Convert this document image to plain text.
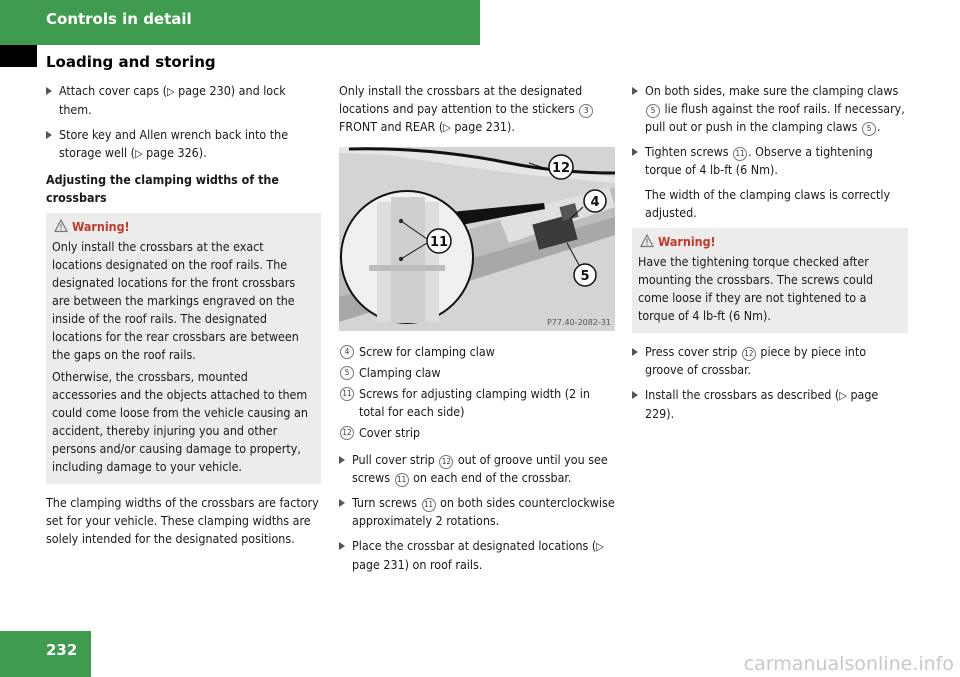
Controls in detail
Loading and storing
Attach cover caps (▷ page 230) and lock them.
Store key and Allen wrench back into the storage well (▷ page 326).
Adjusting the clamping widths of the crossbars
Warning!

Only install the crossbars at the exact locations designated on the roof rails. The designated locations for the front crossbars are between the markings engraved on the inside of the roof rails. The designated locations for the rear crossbars are between the gaps on the roof rails.

Otherwise, the crossbars, mounted accessories and the objects attached to them could come loose from the vehicle causing an accident, thereby injuring you and other persons and/or causing damage to property, including damage to your vehicle.

The clamping widths of the crossbars are factory set for your vehicle. These clamping widths are solely intended for the designated positions.
Only install the crossbars at the designated locations and pay attention to the stickers 3 FRONT and REAR (▷ page 231).
12
4
11
5
P77.40-2082-31
4 Screw for clamping claw
5 Clamping claw
11 Screws for adjusting clamping width (2 in total for each side)
12 Cover strip
Pull cover strip 12 out of groove until you see screws 11 on each end of the crossbar.
Turn screws 11 on both sides counterclockwise approximately 2 rotations.
Place the crossbar at designated locations (▷ page 231) on roof rails.
On both sides, make sure the clamping claws 5 lie flush against the roof rails. If necessary, pull out or push in the clamping claws 5 .
Tighten screws 11 . Observe a tightening torque of 4 lb-ft (6 Nm).
The width of the clamping claws is correctly adjusted.
Warning!

Have the tightening torque checked after mounting the crossbars. The screws could come loose if they are not tightened to a torque of 4 lb-ft (6 Nm).

Press cover strip 12 piece by piece into groove of crossbar.
Install the crossbars as described (▷ page 229).
232
carmanualsonline.info
